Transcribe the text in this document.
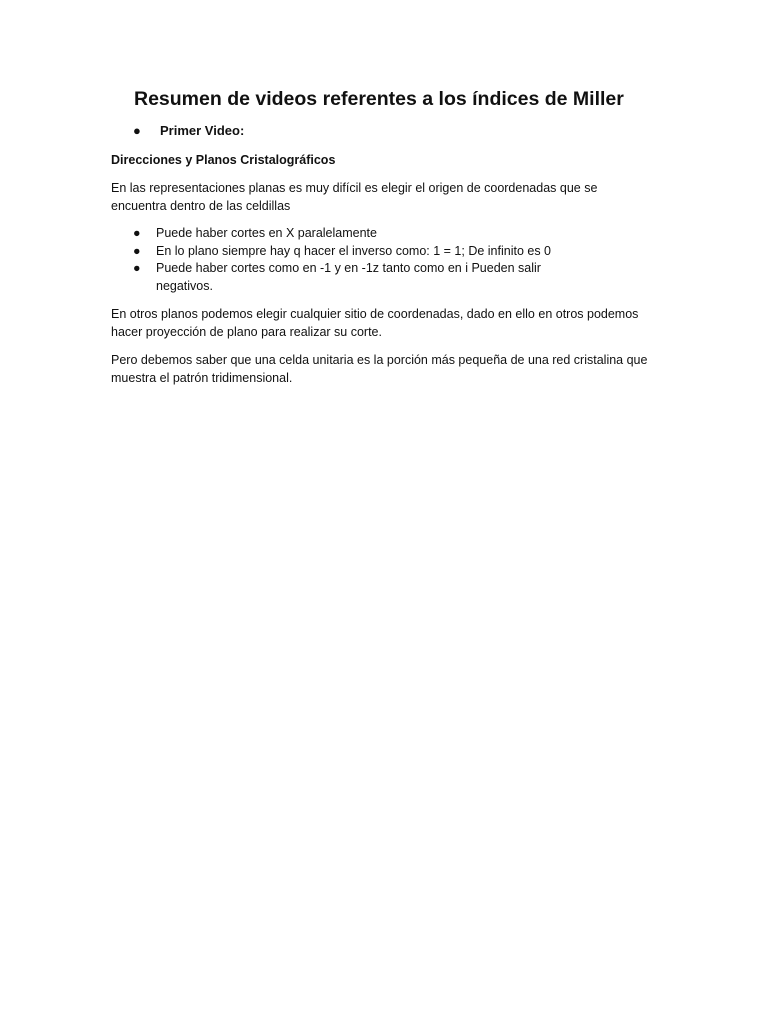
Resumen de videos referentes a los índices de Miller

● Primer Video:

Direcciones y Planos Cristalográficos

En las representaciones planas es muy difícil es elegir el origen de coordenadas que se encuentra dentro de las celdillas

● Puede haber cortes en X paralelamente
● En lo plano siempre hay q hacer el inverso como: 1 = 1; De infinito es 0
● Puede haber cortes como en -1 y en -1z tanto como en i Pueden salir negativos.

En otros planos podemos elegir cualquier sitio de coordenadas, dado en ello en otros podemos hacer proyección de plano para realizar su corte.

Pero debemos saber que una celda unitaria es la porción más pequeña de una red cristalina que muestra el patrón tridimensional.
